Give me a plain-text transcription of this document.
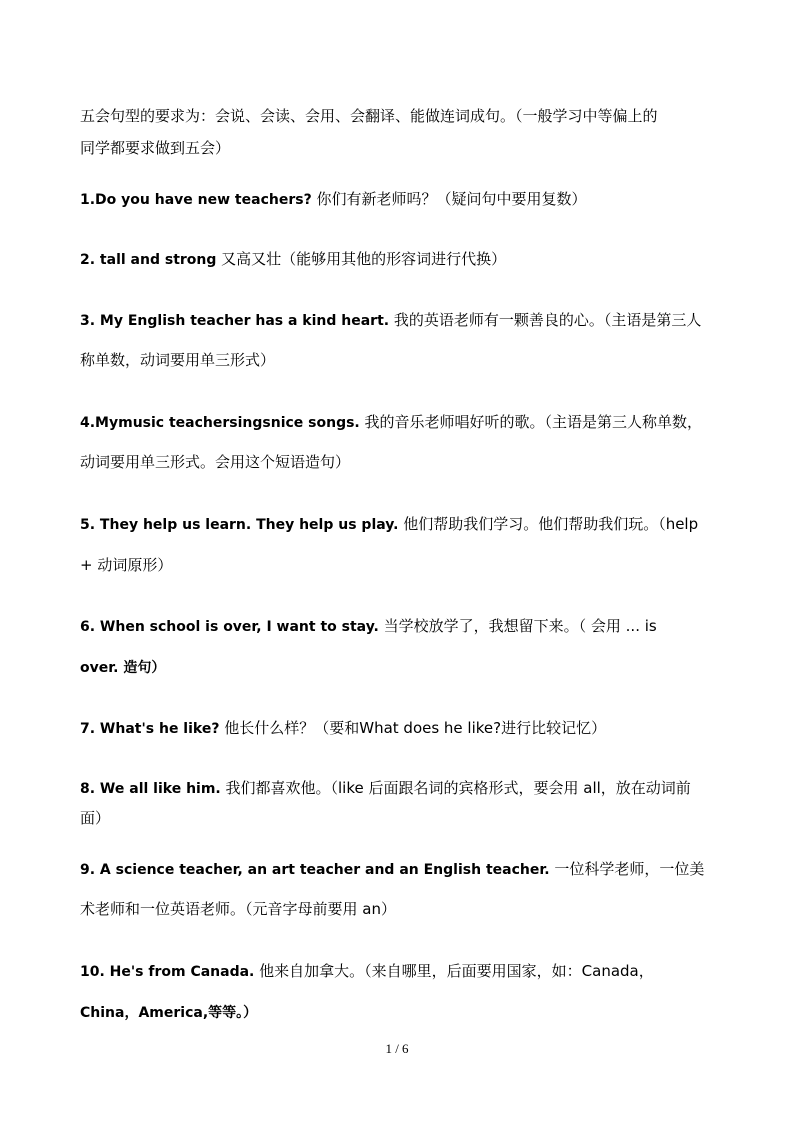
五会句型的要求为：会说、会读、会用、会翻译、能做连词成句。（一般学习中等偏上的
同学都要求做到五会）
1.Do you have new teachers? 你们有新老师吗？（疑问句中要用复数）
2. tall and strong 又高又壮（能够用其他的形容词进行代换）
3. My English teacher has a kind heart. 我的英语老师有一颗善良的心。（主语是第三人
称单数，动词要用单三形式）
4.Mymusic teachersingsnice songs. 我的音乐老师唱好听的歌。（主语是第三人称单数，
动词要用单三形式。会用这个短语造句）
5. They help us learn. They help us play. 他们帮助我们学习。他们帮助我们玩。（help
+ 动词原形）
6. When school is over, I want to stay. 当学校放学了，我想留下来。（ 会用 ... is
over. 造句）
7. What's he like? 他长什么样？（要和What does he like?进行比较记忆）
8. We all like him. 我们都喜欢他。（like 后面跟名词的宾格形式，要会用 all，放在动词前
面）
9. A science teacher, an art teacher and an English teacher. 一位科学老师，一位美
术老师和一位英语老师。（元音字母前要用 an）
10. He's from Canada. 他来自加拿大。（来自哪里，后面要用国家，如：Canada，
China，America,等等。）
1 / 6
